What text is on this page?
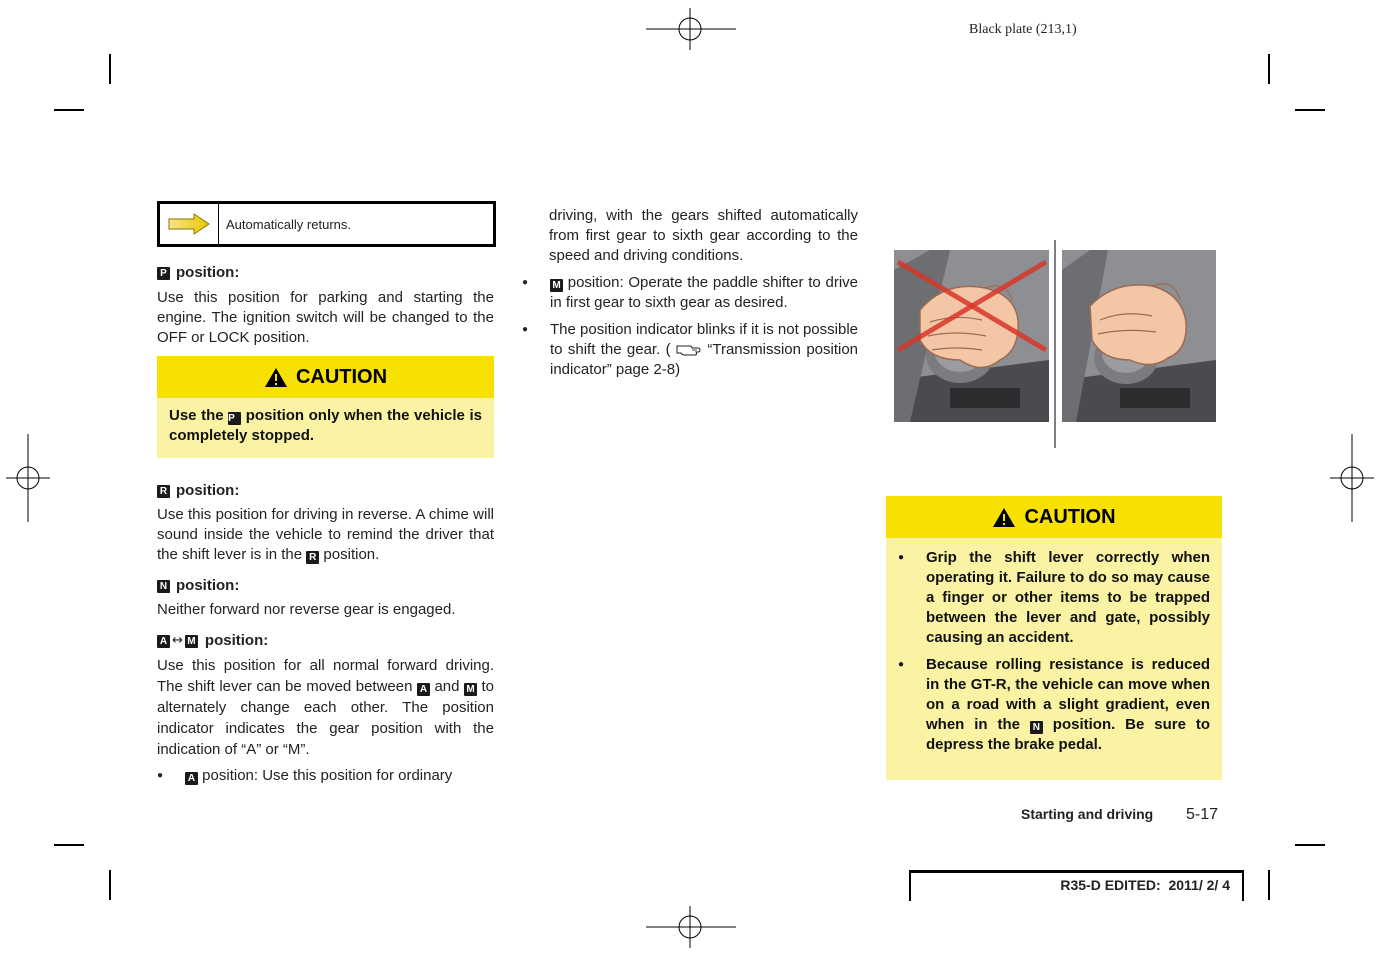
Black plate (213,1)
Automatically returns.
P position:

Use this position for parking and starting the engine. The ignition switch will be changed to the OFF or LOCK position.

CAUTION

Use the P position only when the vehicle is completely stopped.

R position:

Use this position for driving in reverse. A chime will sound inside the vehicle to remind the driver that the shift lever is in the R position.

N position:

Neither forward nor reverse gear is engaged.

A ↔ M position:

Use this position for all normal forward driving. The shift lever can be moved between A and M to alternately change each other. The position indicator indicates the gear position with the indication of “A” or “M”.

●	A position: Use this position for ordinary

driving, with the gears shifted automatically from first gear to sixth gear according to the speed and driving conditions.

●	M position: Operate the paddle shifter to drive in first gear to sixth gear as desired.
●	The position indicator blinks if it is not possible to shift the gear. ( “Transmission position indicator” page 2-8)
CAUTION
●	Grip the shift lever correctly when operating it. Failure to do so may cause a finger or other items to be trapped between the lever and gate, possibly causing an accident.
●	Because rolling resistance is reduced in the GT-R, the vehicle can move when on a road with a slight gradient, even when in the N position. Be sure to depress the brake pedal.
Starting and driving 5-17
R35-D EDITED:  2011/ 2/ 4
